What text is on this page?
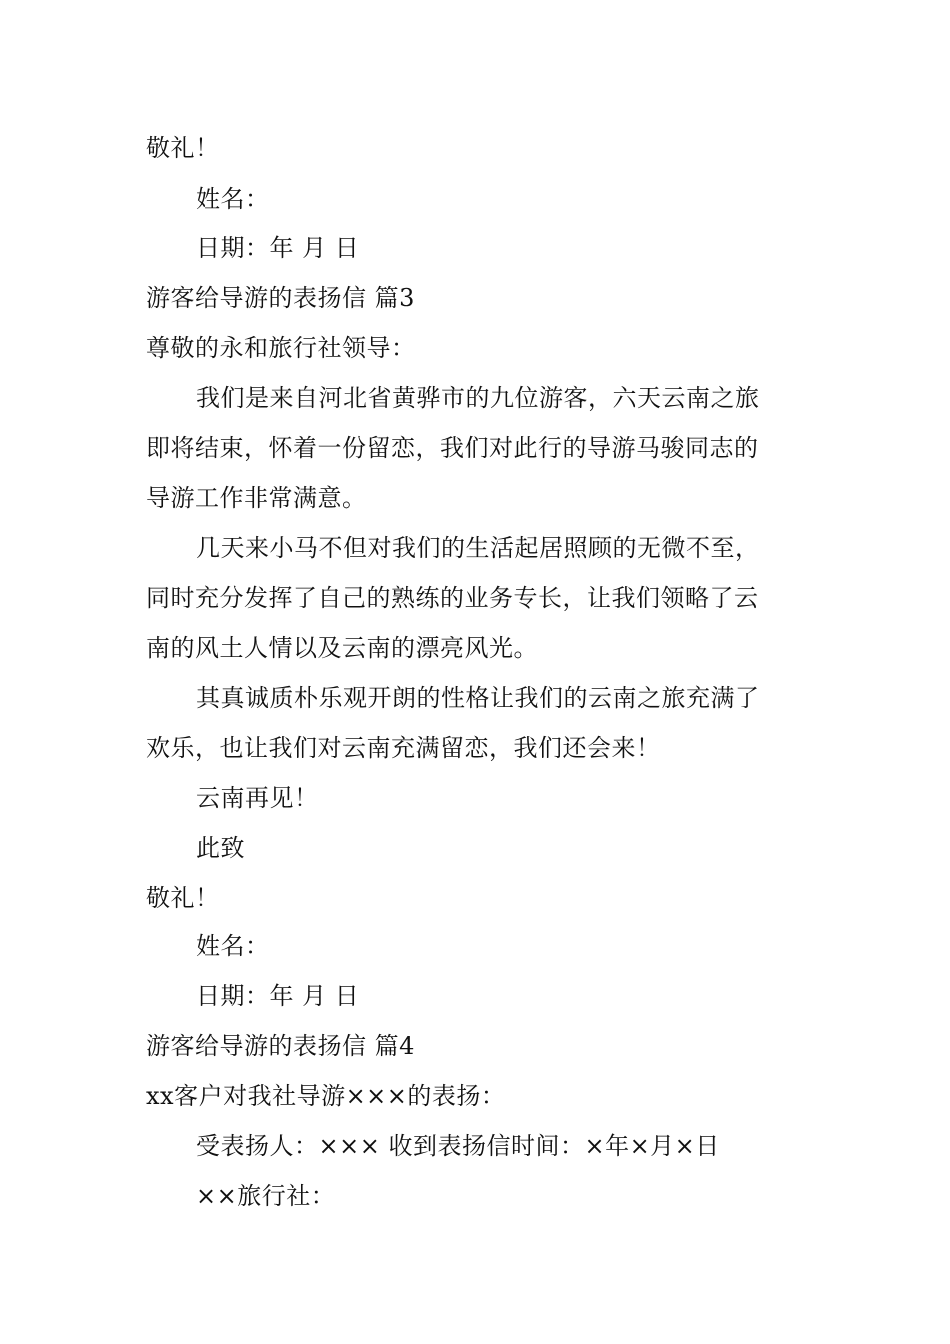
敬礼！
姓名：
日期：年 月 日
游客给导游的表扬信 篇3
尊敬的永和旅行社领导：
我们是来自河北省黄骅市的九位游客，六天云南之旅
即将结束，怀着一份留恋，我们对此行的导游马骏同志的
导游工作非常满意。
几天来小马不但对我们的生活起居照顾的无微不至，
同时充分发挥了自己的熟练的业务专长，让我们领略了云
南的风土人情以及云南的漂亮风光。
其真诚质朴乐观开朗的性格让我们的云南之旅充满了
欢乐，也让我们对云南充满留恋，我们还会来！
云南再见！
此致
敬礼！
姓名：
日期：年 月 日
游客给导游的表扬信 篇4
xx客户对我社导游×××的表扬：
受表扬人：××× 收到表扬信时间：×年×月×日
××旅行社：
